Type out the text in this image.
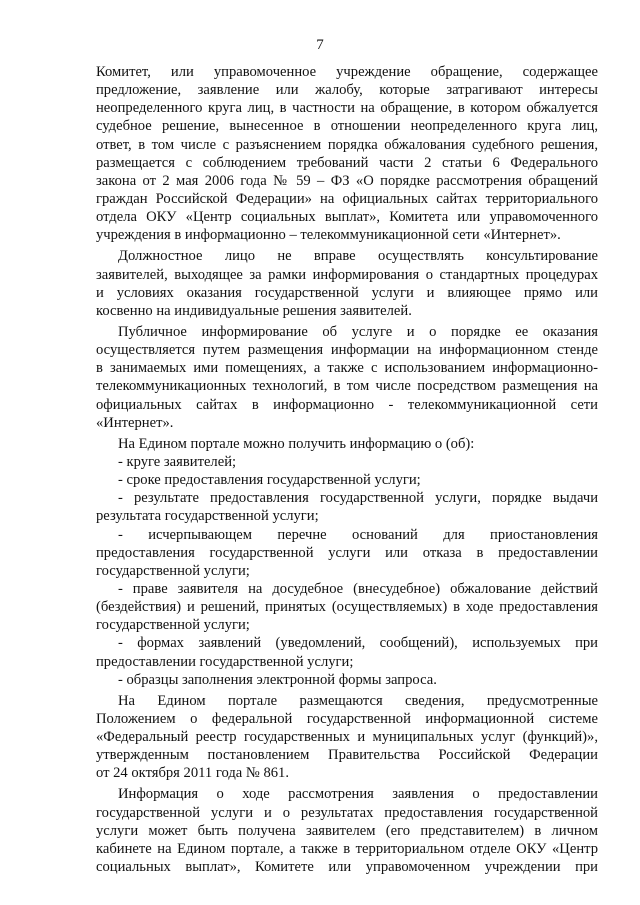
7
Комитет, или управомоченное учреждение обращение, содержащее
предложение, заявление или жалобу, которые затрагивают интересы
неопределенного круга лиц, в частности на обращение, в котором обжалуется
судебное решение, вынесенное в отношении неопределенного круга лиц,
ответ, в том числе с разъяснением порядка обжалования судебного решения,
размещается с соблюдением требований части 2 статьи 6 Федерального
закона от 2 мая 2006 года № 59 – ФЗ «О порядке рассмотрения обращений
граждан Российской Федерации» на официальных сайтах территориального
отдела ОКУ «Центр социальных выплат», Комитета или управомоченного
учреждения в информационно – телекоммуникационной сети «Интернет».
Должностное лицо не вправе осуществлять консультирование
заявителей, выходящее за рамки информирования о стандартных процедурах
и условиях оказания государственной услуги и влияющее прямо или
косвенно на индивидуальные решения заявителей.
Публичное информирование об услуге и о порядке ее оказания
осуществляется путем размещения информации на информационном стенде
в занимаемых ими помещениях, а также с использованием информационно-
телекоммуникационных технологий, в том числе посредством размещения на
официальных сайтах в информационно - телекоммуникационной сети
«Интернет».
На Едином портале можно получить информацию о (об):
- круге заявителей;
- сроке предоставления государственной услуги;
- результате предоставления государственной услуги, порядке выдачи
результата государственной услуги;
- исчерпывающем перечне оснований для приостановления
предоставления государственной услуги или отказа в предоставлении
государственной услуги;
- праве заявителя на досудебное (внесудебное) обжалование действий
(бездействия) и решений, принятых (осуществляемых) в ходе предоставления
государственной услуги;
- формах заявлений (уведомлений, сообщений), используемых при
предоставлении государственной услуги;
- образцы заполнения электронной формы запроса.
На Едином портале размещаются сведения, предусмотренные
Положением о федеральной государственной информационной системе
«Федеральный реестр государственных и муниципальных услуг (функций)»,
утвержденным постановлением Правительства Российской Федерации
от 24 октября 2011 года № 861.
Информация о ходе рассмотрения заявления о предоставлении
государственной услуги и о результатах предоставления государственной
услуги может быть получена заявителем (его представителем) в личном
кабинете на Едином портале, а также в территориальном отделе ОКУ «Центр
социальных выплат», Комитете или управомоченном учреждении при
